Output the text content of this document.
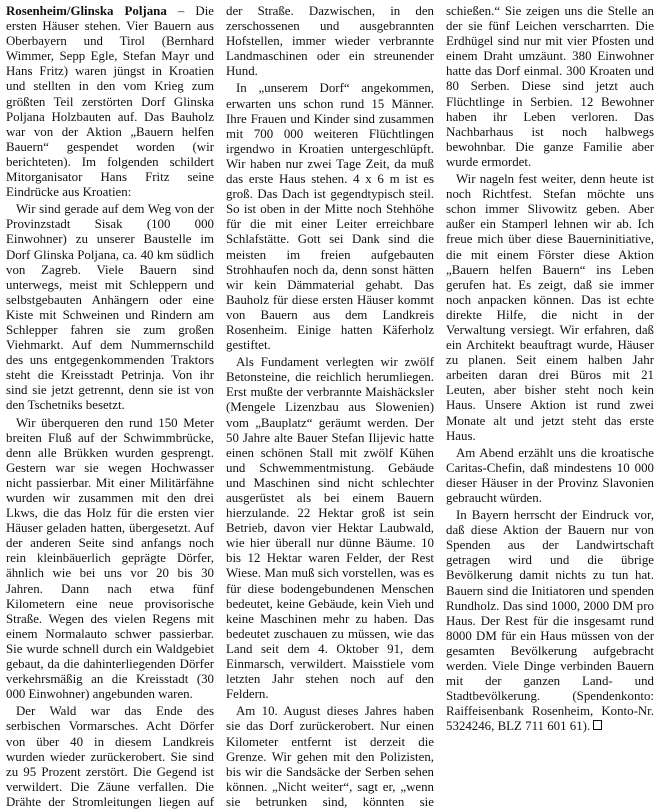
Rosenheim/Glinska Poljana – Die ersten Häuser stehen. Vier Bauern aus Oberbayern und Tirol (Bernhard Wimmer, Sepp Egle, Stefan Mayr und Hans Fritz) waren jüngst in Kroatien und stellten in den vom Krieg zum größten Teil zerstörten Dorf Glinska Poljana Holzbauten auf. Das Bauholz war von der Aktion „Bauern helfen Bauern“ gespendet worden (wir berichteten). Im folgenden schildert Mitorganisator Hans Fritz seine Eindrücke aus Kroatien:

Wir sind gerade auf dem Weg von der Provinzstadt Sisak (100 000 Einwohner) zu unserer Baustelle im Dorf Glinska Poljana, ca. 40 km südlich von Zagreb. Viele Bauern sind unterwegs, meist mit Schleppern und selbstgebauten Anhängern oder eine Kiste mit Schweinen und Rindern am Schlepper fahren sie zum großen Viehmarkt. Auf dem Nummernschild des uns entgegenkommenden Traktors steht die Kreisstadt Petrinja. Von ihr sind sie jetzt getrennt, denn sie ist von den Tschetniks besetzt.

Wir überqueren den rund 150 Meter breiten Fluß auf der Schwimmbrücke, denn alle Brükken wurden gesprengt. Gestern war sie wegen Hochwasser nicht passierbar. Mit einer Militärfähne wurden wir zusammen mit den drei Lkws, die das Holz für die ersten vier Häuser geladen hatten, übergesetzt. Auf der anderen Seite sind anfangs noch rein kleinbäuerlich geprägte Dörfer, ähnlich wie bei uns vor 20 bis 30 Jahren. Dann nach etwa fünf Kilometern eine neue provisorische Straße. Wegen des vielen Regens mit einem Normalauto schwer passierbar. Sie wurde schnell durch ein Waldgebiet gebaut, da die dahinterliegenden Dörfer verkehrsmäßig an die Kreisstadt (30 000 Einwohner) angebunden waren.

Der Wald war das Ende des serbischen Vormarsches. Acht Dörfer von über 40 in diesem Landkreis wurden wieder zurückerobert. Sie sind zu 95 Prozent zerstört. Die Gegend ist verwildert. Die Zäune verfallen. Die Drähte der Stromleitungen liegen auf der Straße. Dazwischen, in den zerschossenen und ausgebrannten Hofstellen, immer wieder verbrannte Landmaschinen oder ein streunender Hund.

In „unserem Dorf“ angekommen, erwarten uns schon rund 15 Männer. Ihre Frauen und Kinder sind zusammen mit 700 000 weiteren Flüchtlingen irgendwo in Kroatien untergeschlüpft. Wir haben nur zwei Tage Zeit, da muß das erste Haus stehen. 4 x 6 m ist es groß. Das Dach ist gegendtypisch steil. So ist oben in der Mitte noch Stehhöhe für die mit einer Leiter erreichbare Schlafstätte. Gott sei Dank sind die meisten im freien aufgebauten Strohhaufen noch da, denn sonst hätten wir kein Dämmaterial gehabt. Das Bauholz für diese ersten Häuser kommt von Bauern aus dem Landkreis Rosenheim. Einige hatten Käferholz gestiftet.

Als Fundament verlegten wir zwölf Betonsteine, die reichlich herumliegen. Erst mußte der verbrannte Maishäcksler (Mengele Lizenzbau aus Slowenien) vom „Bauplatz“ geräumt werden. Der 50 Jahre alte Bauer Stefan Ilijevic hatte einen schönen Stall mit zwölf Kühen und Schwemmentmistung. Gebäude und Maschinen sind nicht schlechter ausgerüstet als bei einem Bauern hierzulande. 22 Hektar groß ist sein Betrieb, davon vier Hektar Laubwald, wie hier überall nur dünne Bäume. 10 bis 12 Hektar waren Felder, der Rest Wiese. Man muß sich vorstellen, was es für diese bodengebundenen Menschen bedeutet, keine Gebäude, kein Vieh und keine Maschinen mehr zu haben. Das bedeutet zuschauen zu müssen, wie das Land seit dem 4. Oktober 91, dem Einmarsch, verwildert. Maisstiele vom letzten Jahr stehen noch auf den Feldern.

Am 10. August dieses Jahres haben sie das Dorf zurückerobert. Nur einen Kilometer entfernt ist derzeit die Grenze. Wir gehen mit den Polizisten, bis wir die Sandsäcke der Serben sehen können. „Nicht weiter“, sagt er, „wenn sie betrunken sind, könnten sie schießen.“ Sie zeigen uns die Stelle an der sie fünf Leichen verscharrten. Die Erdhügel sind nur mit vier Pfosten und einem Draht umzäunt. 380 Einwohner hatte das Dorf einmal. 300 Kroaten und 80 Serben. Diese sind jetzt auch Flüchtlinge in Serbien. 12 Bewohner haben ihr Leben verloren. Das Nachbarhaus ist noch halbwegs bewohnbar. Die ganze Familie aber wurde ermordet.

Wir nageln fest weiter, denn heute ist noch Richtfest. Stefan möchte uns schon immer Slivowitz geben. Aber außer ein Stamperl lehnen wir ab. Ich freue mich über diese Bauerninitiative, die mit einem Förster diese Aktion „Bauern helfen Bauern“ ins Leben gerufen hat. Es zeigt, daß sie immer noch anpacken können. Das ist echte direkte Hilfe, die nicht in der Verwaltung versiegt. Wir erfahren, daß ein Architekt beauftragt wurde, Häuser zu planen. Seit einem halben Jahr arbeiten daran drei Büros mit 21 Leuten, aber bisher steht noch kein Haus. Unsere Aktion ist rund zwei Monate alt und jetzt steht das erste Haus.

Am Abend erzählt uns die kroatische Caritas-Chefin, daß mindestens 10 000 dieser Häuser in der Provinz Slavonien gebraucht würden.

In Bayern herrscht der Eindruck vor, daß diese Aktion der Bauern nur von Spenden aus der Landwirtschaft getragen wird und die übrige Bevölkerung damit nichts zu tun hat. Bauern sind die Initiatoren und spenden Rundholz. Das sind 1000, 2000 DM pro Haus. Der Rest für die insgesamt rund 8000 DM für ein Haus müssen von der gesamten Bevölkerung aufgebracht werden. Viele Dinge verbinden Bauern mit der ganzen Land- und Stadtbevölkerung. (Spendenkonto: Raiffeisenbank Rosenheim, Konto-Nr. 5324246, BLZ 711 601 61).
